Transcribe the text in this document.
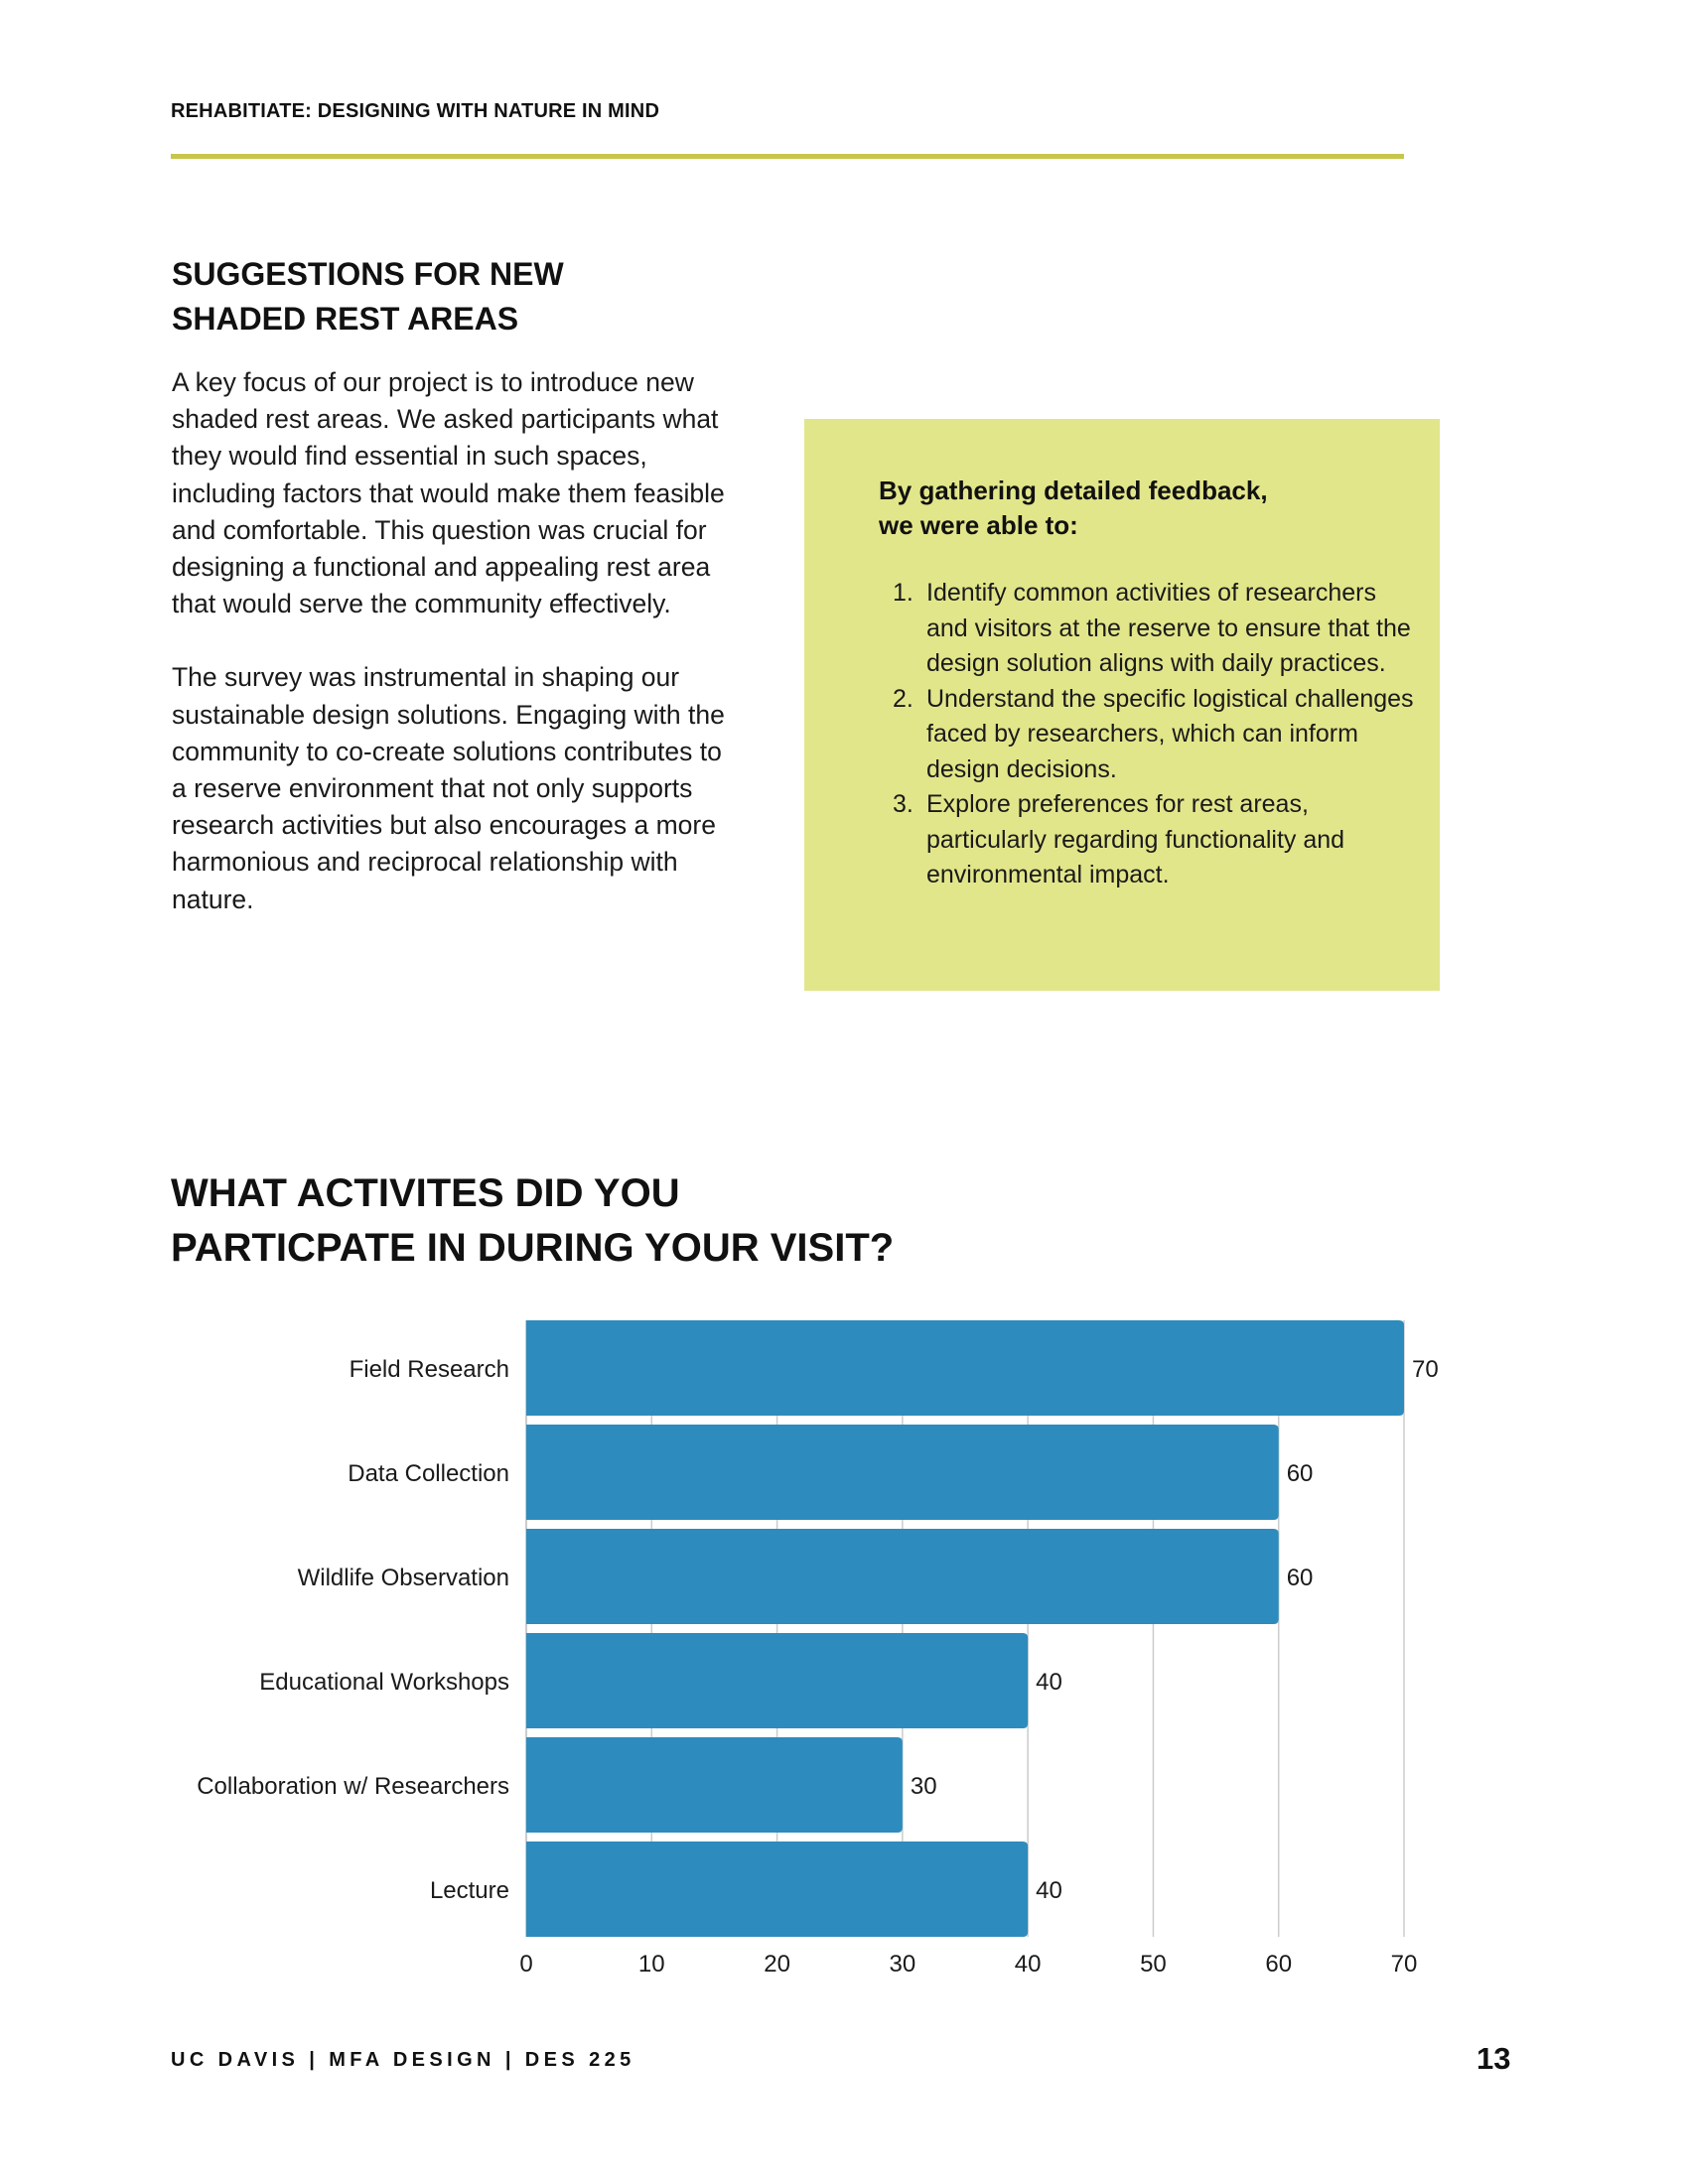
REHABITIATE: DESIGNING WITH NATURE IN MIND
SUGGESTIONS FOR NEW
SHADED REST AREAS

A key focus of our project is to introduce new shaded rest areas. We asked participants what they would find essential in such spaces, including factors that would make them feasible and comfortable. This question was crucial for designing a functional and appealing rest area that would serve the community effectively.

The survey was instrumental in shaping our sustainable design solutions. Engaging with the community to co-create solutions contributes to a reserve environment that not only supports research activities but also encourages a more harmonious and reciprocal relationship with nature.

By gathering detailed feedback,
we were able to:
1. Identify common activities of researchers and visitors at the reserve to ensure that the design solution aligns with daily practices.
2. Understand the specific logistical challenges faced by researchers, which can inform design decisions.
3. Explore preferences for rest areas, particularly regarding functionality and environmental impact.
WHAT ACTIVITES DID YOU
PARTICPATE IN DURING YOUR VISIT?
Field Research	70
Data Collection	60
Wildlife Observation	60
Educational Workshops	40
Collaboration w/ Researchers	30
Lecture	40
0	10	20	30	40	50	60	70
UC DAVIS | MFA DESIGN | DES 225	13
